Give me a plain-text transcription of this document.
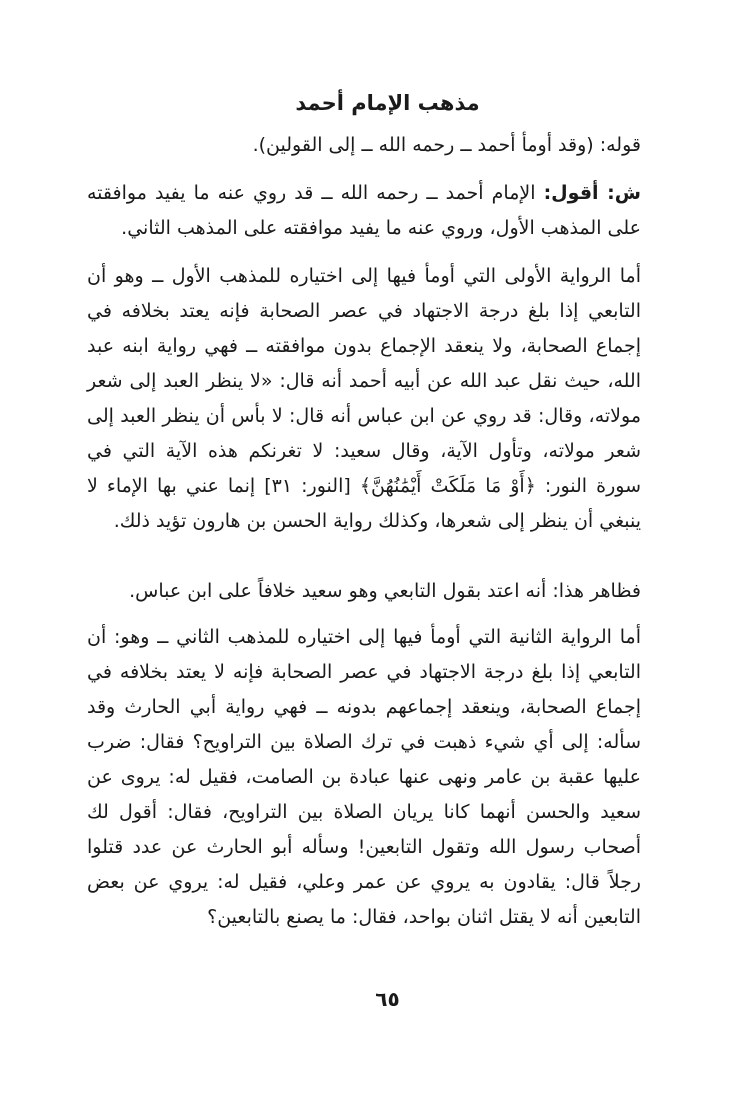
مذهب الإمام أحمد

قوله: (وقد أومأ أحمد ــ رحمه الله ــ إلى القولين).

ش: أقول: الإمام أحمد ــ رحمه الله ــ قد روي عنه ما يفيد موافقته على المذهب الأول، وروي عنه ما يفيد موافقته على المذهب الثاني.

أما الرواية الأولى التي أومأ فيها إلى اختياره للمذهب الأول ــ وهو أن التابعي إذا بلغ درجة الاجتهاد في عصر الصحابة فإنه يعتد بخلافه في إجماع الصحابة، ولا ينعقد الإجماع بدون موافقته ــ فهي رواية ابنه عبد الله، حيث نقل عبد الله عن أبيه أحمد أنه قال: «لا ينظر العبد إلى شعر مولاته، وقال: قد روي عن ابن عباس أنه قال: لا بأس أن ينظر العبد إلى شعر مولاته، وتأول الآية، وقال سعيد: لا تغرنكم هذه الآية التي في سورة النور: ﴿أَوْ مَا مَلَكَتْ أَيْمَٰنُهُنَّ﴾ [النور: ٣١] إنما عني بها الإماء لا ينبغي أن ينظر إلى شعرها، وكذلك رواية الحسن بن هارون تؤيد ذلك.

فظاهر هذا: أنه اعتد بقول التابعي وهو سعيد خلافاً على ابن عباس.

أما الرواية الثانية التي أومأ فيها إلى اختياره للمذهب الثاني ــ وهو: أن التابعي إذا بلغ درجة الاجتهاد في عصر الصحابة فإنه لا يعتد بخلافه في إجماع الصحابة، وينعقد إجماعهم بدونه ــ فهي رواية أبي الحارث وقد سأله: إلى أي شيء ذهبت في ترك الصلاة بين التراويح؟ فقال: ضرب عليها عقبة بن عامر ونهى عنها عبادة بن الصامت، فقيل له: يروى عن سعيد والحسن أنهما كانا يريان الصلاة بين التراويح، فقال: أقول لك أصحاب رسول الله وتقول التابعين! وسأله أبو الحارث عن عدد قتلوا رجلاً قال: يقادون به يروي عن عمر وعلي، فقيل له: يروي عن بعض التابعين أنه لا يقتل اثنان بواحد، فقال: ما يصنع بالتابعين؟

٦٥
